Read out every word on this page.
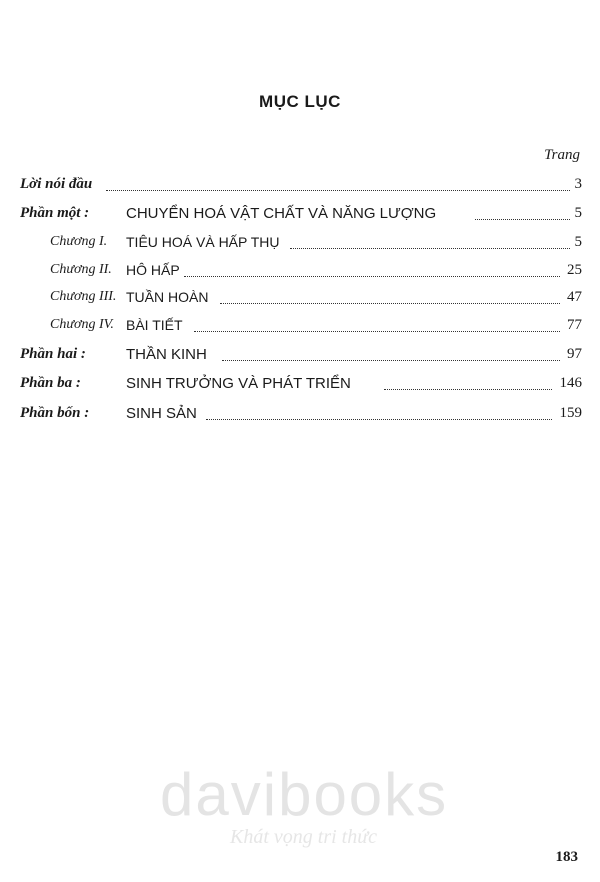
MỤC LỤC
Trang
Lời nói đầu	3
Phần một : CHUYỂN HOÁ VẬT CHẤT VÀ NĂNG LƯỢNG	5
Chương I. TIÊU HOÁ VÀ HẤP THỤ	5
Chương II. HÔ HẤP	25
Chương III. TUẦN HOÀN	47
Chương IV. BÀI TIẾT	77
Phần hai :	THẦN KINH	97
Phần ba :	SINH TRƯỞNG VÀ PHÁT TRIỂN	146
Phần bốn : SINH SẢN	159
davibooks
Khát vọng tri thức
183
